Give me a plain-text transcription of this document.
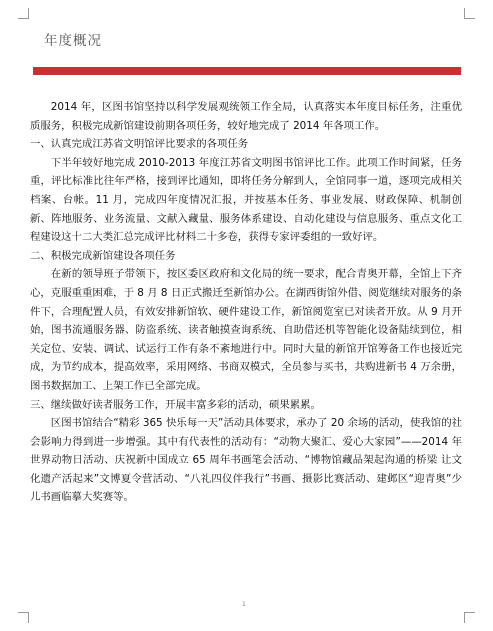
年度概况

2014 年，区图书馆坚持以科学发展观统领工作全局，认真落实本年度目标任务，注重优质服务，积极完成新馆建设前期各项任务，较好地完成了 2014 年各项工作。

一、认真完成江苏省文明馆评比要求的各项任务

下半年较好地完成 2010-2013 年度江苏省文明图书馆评比工作。此项工作时间紧，任务重，评比标准比往年严格，接到评比通知，即将任务分解到人，全馆同事一道，逐项完成相关档案、台帐。11 月，完成四年度情况汇报，并按基本任务、事业发展、财政保障、机制创新、阵地服务、业务流量、文献入藏量、服务体系建设、自动化建设与信息服务、重点文化工程建设这十二大类汇总完成评比材料二十多卷，获得专家评委组的一致好评。

二、积极完成新馆建设各项任务

在新的领导班子带领下，按区委区政府和文化局的统一要求，配合青奥开幕，全馆上下齐心，克服重重困难，于 8 月 8 日正式搬迁至新馆办公。在湖西街馆外借、阅览继续对服务的条件下，合理配置人员，有效安排新馆软、硬件建设工作，新馆阅览室已对读者开放。从 9 月开始，图书流通服务器、防盗系统、读者触摸查询系统、自助借还机等智能化设备陆续到位，相关定位、安装、调试、试运行工作有条不紊地进行中。同时大量的新馆开馆筹备工作也接近完成，为节约成本，提高效率，采用网络、书商双模式，全员参与买书，共购进新书 4 万余册，图书数据加工、上架工作已全部完成。

三、继续做好读者服务工作，开展丰富多彩的活动，硕果累累。

区图书馆结合“精彩 365 快乐每一天”活动具体要求，承办了 20 余场的活动，使我馆的社会影响力得到进一步增强。其中有代表性的活动有：“动物大聚汇、爱心大家园”——2014 年世界动物日活动、庆祝新中国成立 65 周年书画笔会活动、“博物馆藏品架起沟通的桥梁 让文化遗产活起来”文博夏令营活动、“八礼四仪伴我行”书画、摄影比赛活动、建邺区“迎青奥”少儿书画临摹大奖赛等。

1
